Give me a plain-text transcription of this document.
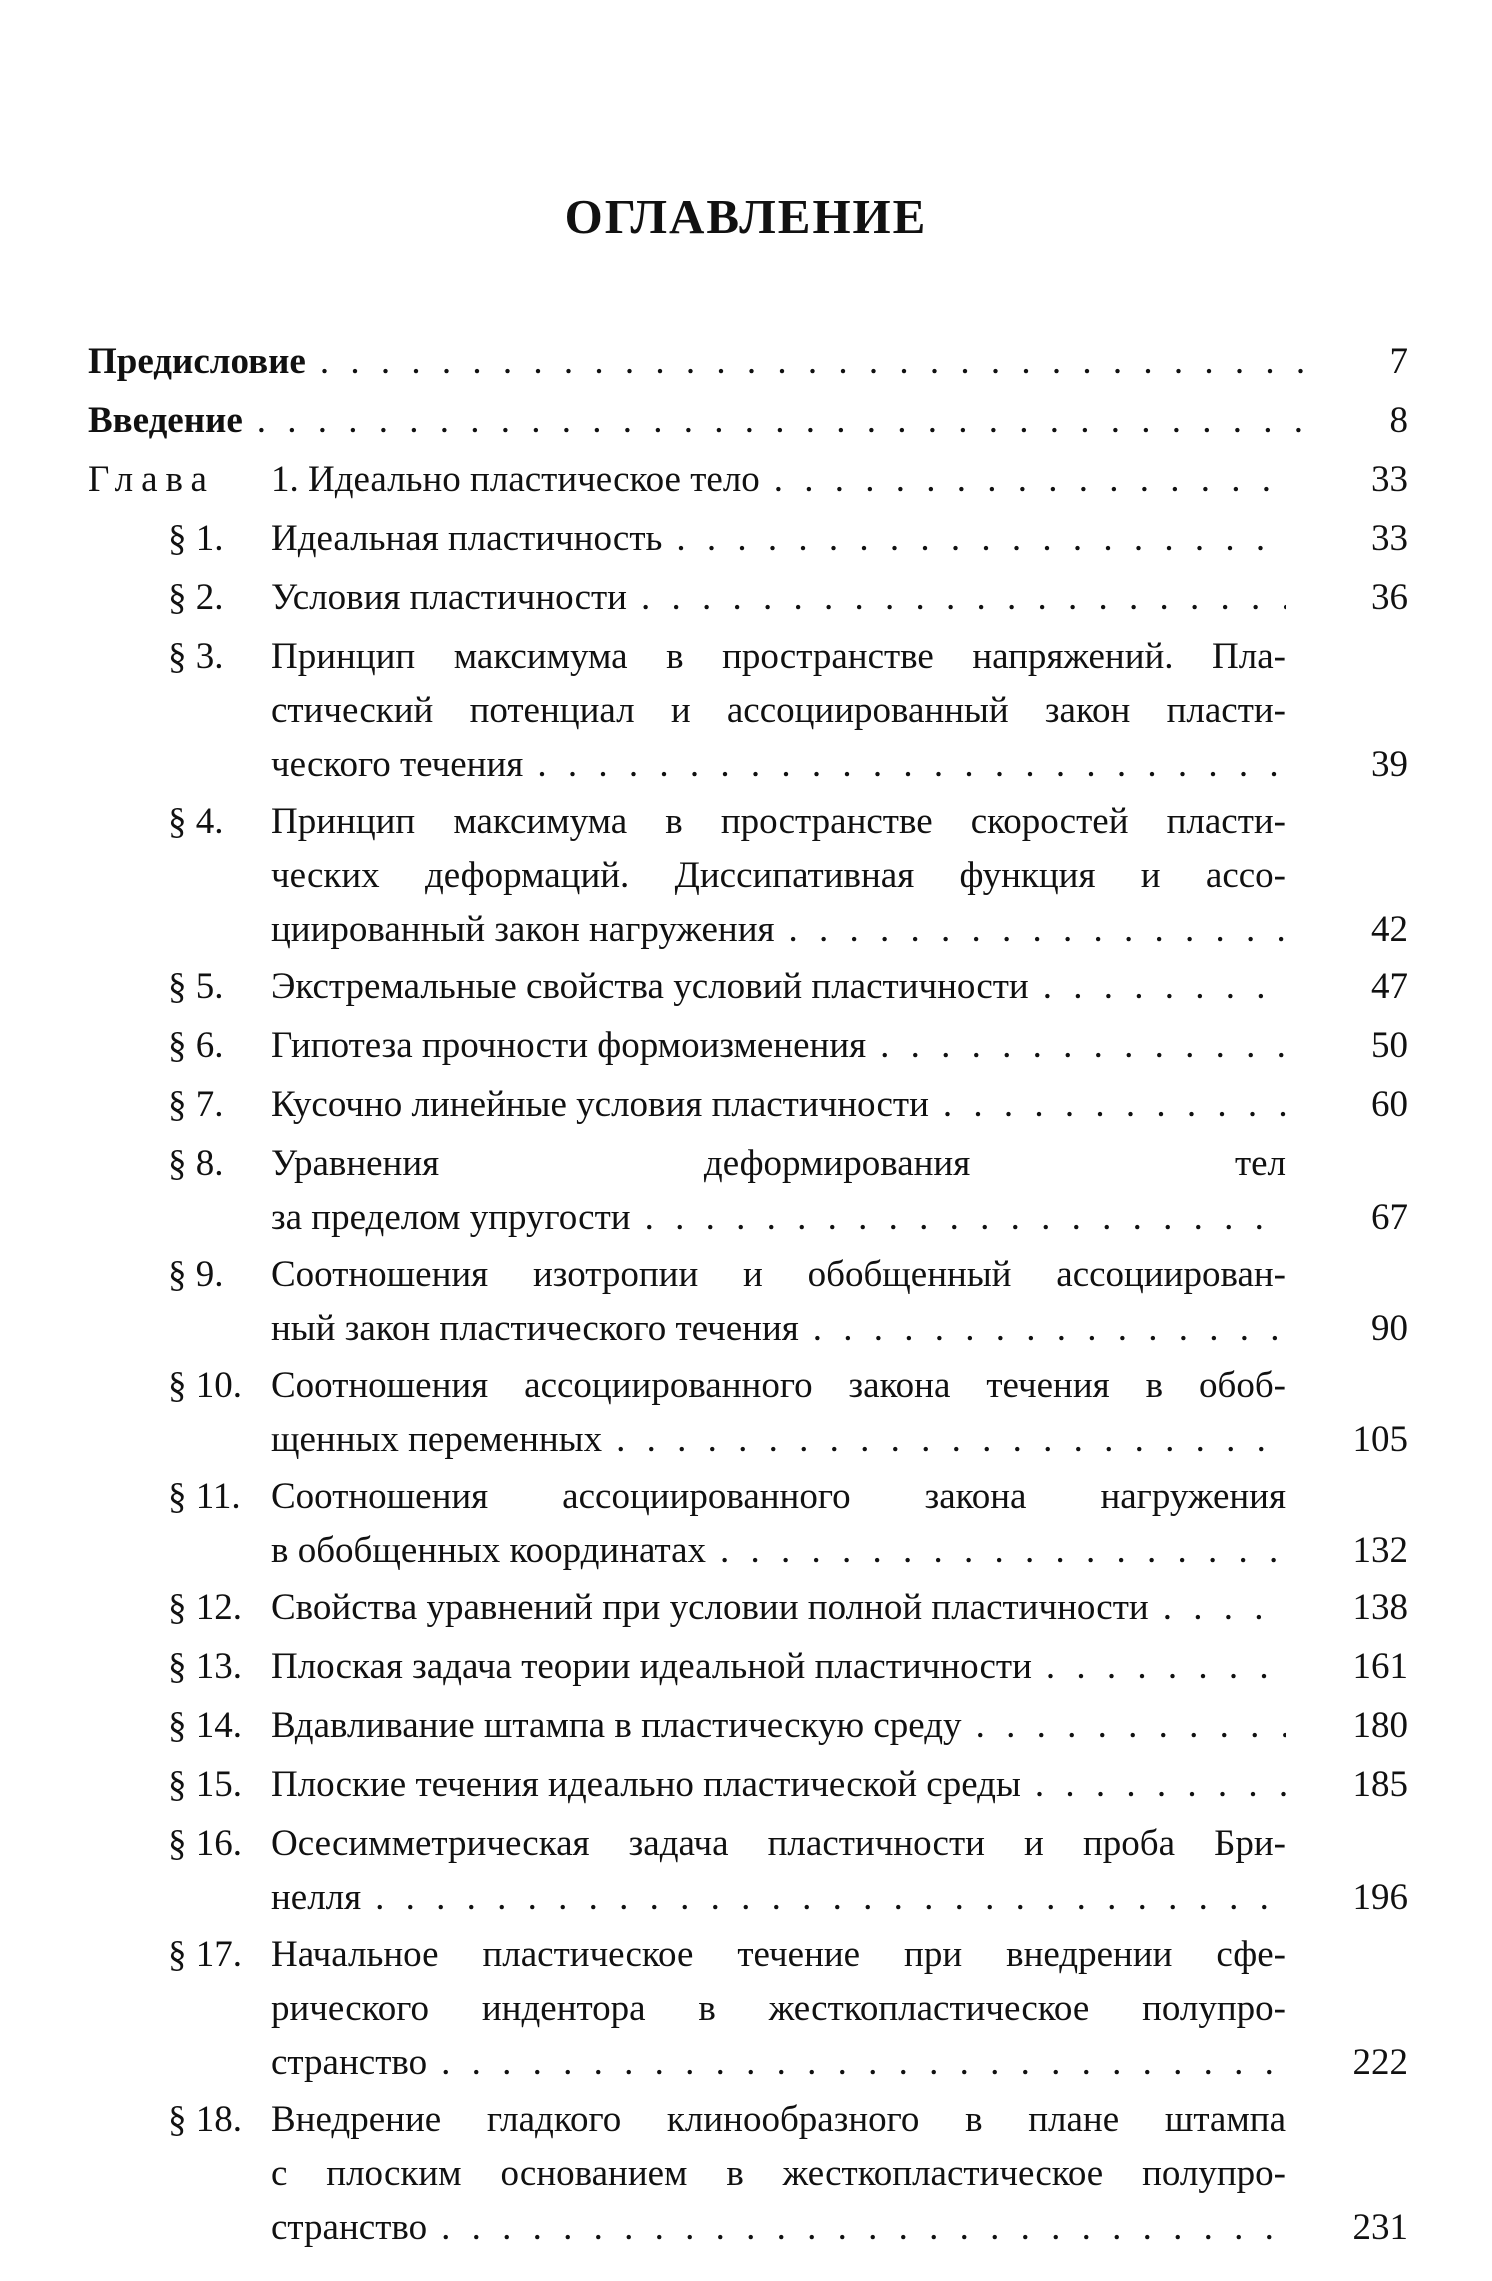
ОГЛАВЛЕНИЕ
Предисловие . . .	7
Введение . . .	8
Глава 1. Идеально пластическое тело . . .	33
§ 1. Идеальная пластичность . . .	33
§ 2. Условия пластичности . . .	36
§ 3. Принцип максимума в пространстве напряжений. Пла-
стический потенциал и ассоциированный закон пласти-
ческого течения . . .	39
§ 4. Принцип максимума в пространстве скоростей пласти-
ческих деформаций. Диссипативная функция и ассо-
циированный закон нагружения . . .	42
§ 5. Экстремальные свойства условий пластичности . . .	47
§ 6. Гипотеза прочности формоизменения . . .	50
§ 7. Кусочно линейные условия пластичности . . .	60
§ 8. Уравнения деформирования тел
за пределом упругости . . .	67
§ 9. Соотношения изотропии и обобщенный ассоциирован-
ный закон пластического течения . . .	90
§ 10. Соотношения ассоциированного закона течения в обоб-
щенных переменных . . .	105
§ 11. Соотношения ассоциированного закона нагружения
в обобщенных координатах . . .	132
§ 12. Свойства уравнений при условии полной пластичности . . .	138
§ 13. Плоская задача теории идеальной пластичности . . .	161
§ 14. Вдавливание штампа в пластическую среду . . .	180
§ 15. Плоские течения идеально пластической среды . . .	185
§ 16. Осесимметрическая задача пластичности и проба Бри-
нелля . . .	196
§ 17. Начальное пластическое течение при внедрении сфе-
рического индентора в жесткопластическое полупро-
странство . . .	222
§ 18. Внедрение гладкого клинообразного в плане штампа
с плоским основанием в жесткопластическое полупро-
странство . . .	231
